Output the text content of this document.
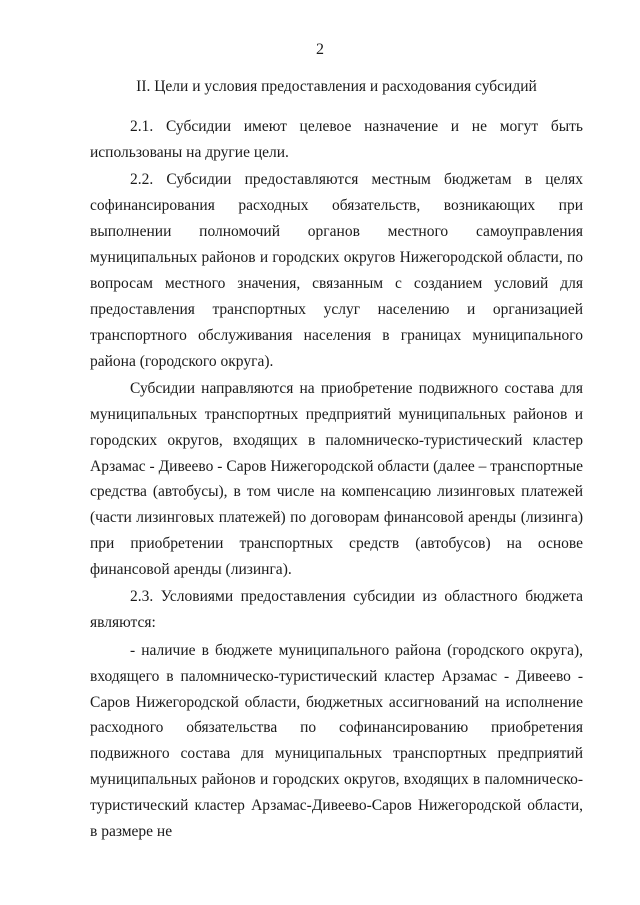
2
II. Цели и условия предоставления и расходования субсидий

2.1. Субсидии имеют целевое назначение и не могут быть использованы на другие цели.

2.2. Субсидии предоставляются местным бюджетам в целях софинансирования расходных обязательств, возникающих при выполнении полномочий органов местного самоуправления муниципальных районов и городских округов Нижегородской области, по вопросам местного значения, связанным с созданием условий для предоставления транспортных услуг населению и организацией транспортного обслуживания населения в границах муниципального района (городского округа).

Субсидии направляются на приобретение подвижного состава для муниципальных транспортных предприятий муниципальных районов и городских округов, входящих в паломническо-туристический кластер Арзамас - Дивеево - Саров Нижегородской области (далее – транспортные средства (автобусы), в том числе на компенсацию лизинговых платежей (части лизинговых платежей) по договорам финансовой аренды (лизинга) при приобретении транспортных средств (автобусов) на основе финансовой аренды (лизинга).

2.3. Условиями предоставления субсидии из областного бюджета являются:

- наличие в бюджете муниципального района (городского округа), входящего в паломническо-туристический кластер Арзамас - Дивеево - Саров Нижегородской области, бюджетных ассигнований на исполнение расходного обязательства по софинансированию приобретения подвижного состава для муниципальных транспортных предприятий муниципальных районов и городских округов, входящих в паломническо-туристический кластер Арзамас-Дивеево-Саров Нижегородской области, в размере не
